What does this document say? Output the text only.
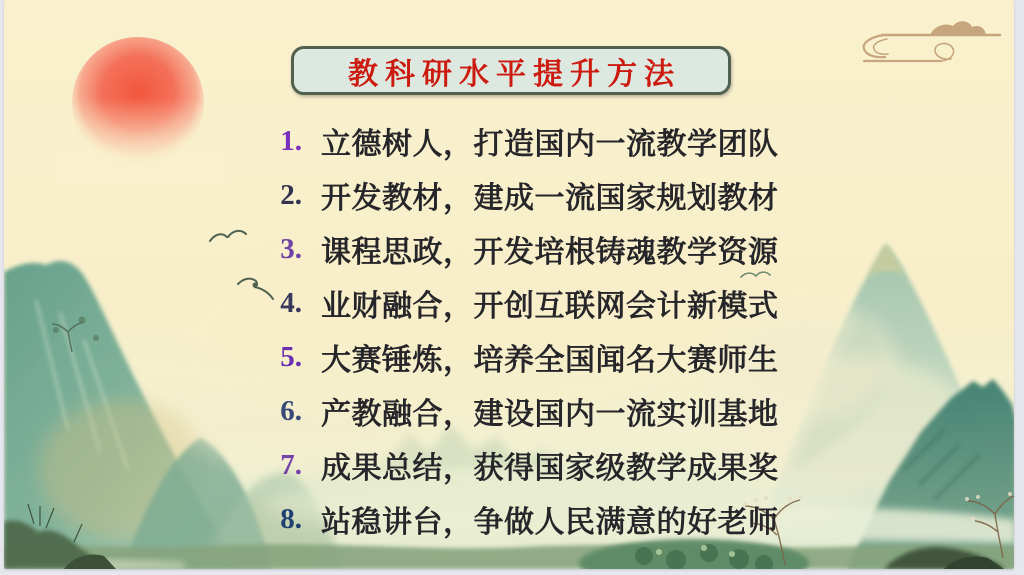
教科研水平提升方法
1. 立德树人，打造国内一流教学团队
2. 开发教材，建成一流国家规划教材
3. 课程思政，开发培根铸魂教学资源
4. 业财融合，开创互联网会计新模式
5. 大赛锤炼，培养全国闻名大赛师生
6. 产教融合，建设国内一流实训基地
7. 成果总结，获得国家级教学成果奖
8. 站稳讲台，争做人民满意的好老师
